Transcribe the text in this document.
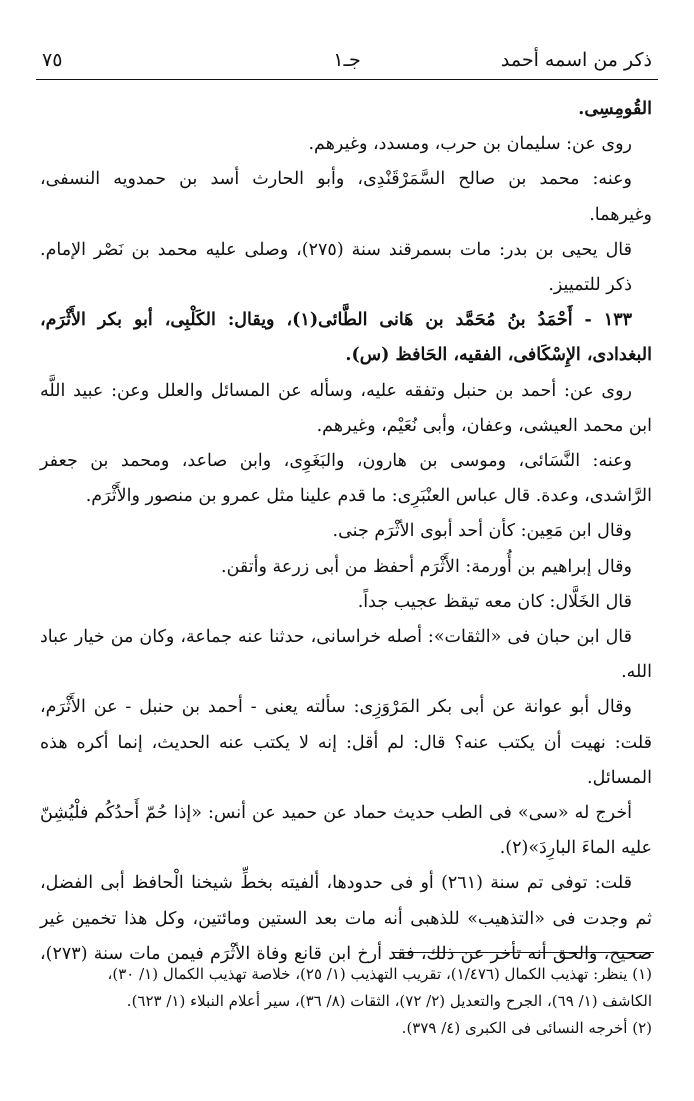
ذكر من اسمه أحمد
جـ١
٧٥

القُومِسِى.

روى عن: سليمان بن حرب، ومسدد، وغيرهم.

وعنه: محمد بن صالح السَّمَرْقَنْدِى، وأبو الحارث أسد بن حمدويه النسفى،

وغيرهما.

قال يحيى بن بدر: مات بسمرقند سنة (٢٧٥)، وصلى عليه محمد بن نَصْر الإمام.

ذكر للتمييز.

١٣٣ - أَحْمَدُ بنُ مُحَمَّد بن هَانى الطَّائى(١)، ويقال: الكَلْبِى، أبو بكر الأَثْرَم،

البغدادى، الإِسْكَافى، الفقيه، الحَافظ (س).

روى عن: أحمد بن حنبل وتفقه عليه، وسأله عن المسائل والعلل وعن: عبيد اللَّه

ابن محمد العيشى، وعفان، وأبى نُعَيْم، وغيرهم.

وعنه: النَّسَائى، وموسى بن هارون، والبَغَوِى، وابن صاعد، ومحمد بن جعفر

الرَّاشدى، وعدة. قال عباس العنْبَرِى: ما قدم علينا مثل عمرو بن منصور والأَثْرَم.

وقال ابن مَعِين: كأن أحد أبوى الأثْرَم جنى.

وقال إبراهيم بن أُورمة: الأَثْرَم أحفظ من أبى زرعة وأتقن.

قال الخَلَّال: كان معه تيقظ عجيب جداً.

قال ابن حبان فى «الثقات»: أصله خراسانى، حدثنا عنه جماعة، وكان من خيار عباد

الله.

وقال أبو عوانة عن أبى بكر المَرْوَزِى: سألته يعنى - أحمد بن حنبل - عن الأَثْرَم،

قلت: نهيت أن يكتب عنه؟ قال: لم أقل: إنه لا يكتب عنه الحديث، إنما أكره هذه

المسائل.

أخرج له «سى» فى الطب حديث حماد عن حميد عن أنس: «إذا حُمّ أَحدُكُم فلْيُشِنّ

عليه الماءَ البارِدَ»(٢).

قلت: توفى تم سنة (٢٦١) أو فى حدودها، ألفيته بخطِّ شيخنا الْحافظ أبى الفضل،

ثم وجدت فى «التذهيب» للذهبى أنه مات بعد الستين ومائتين، وكل هذا تخمين غير

صحيح، والحق أنه تأخر عن ذلك، فقد أرخ ابن قانع وفاة الأثْرَم فيمن مات سنة (٢٧٣)،

(١) ينظر: تهذيب الكمال (١/٤٧٦)، تقريب التهذيب (١/ ٢٥)، خلاصة تهذيب الكمال (١/ ٣٠)،

الكاشف (١/ ٦٩)، الجرح والتعديل (٢/ ٧٢)، الثقات (٨/ ٣٦)، سير أعلام النبلاء (١/ ٦٢٣).

(٢) أخرجه النسائى فى الكبرى (٤/ ٣٧٩).
